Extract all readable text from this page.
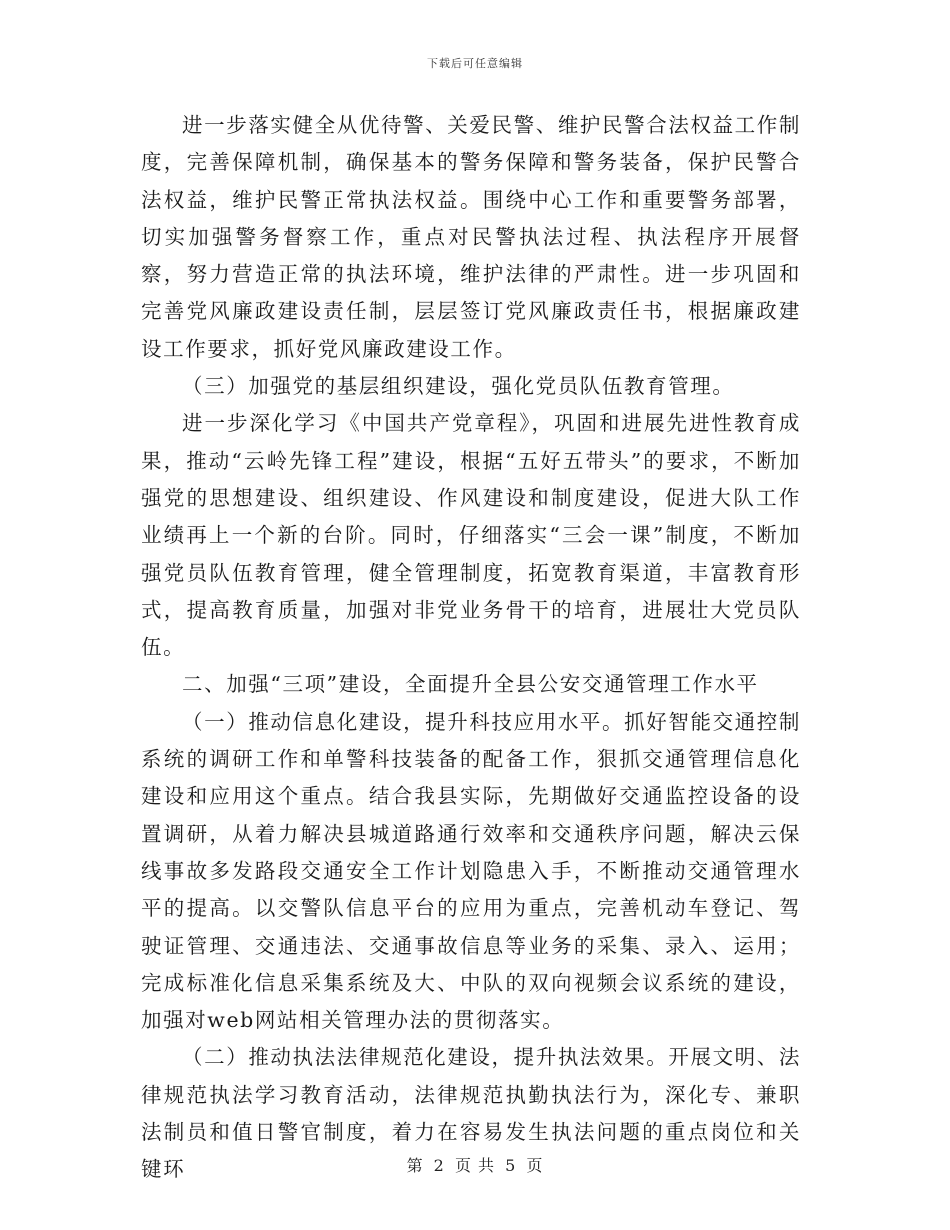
下载后可任意编辑

进一步落实健全从优待警、关爱民警、维护民警合法权益工作制度，完善保障机制，确保基本的警务保障和警务装备，保护民警合法权益，维护民警正常执法权益。围绕中心工作和重要警务部署，切实加强警务督察工作，重点对民警执法过程、执法程序开展督察，努力营造正常的执法环境，维护法律的严肃性。进一步巩固和完善党风廉政建设责任制，层层签订党风廉政责任书，根据廉政建设工作要求，抓好党风廉政建设工作。

（三）加强党的基层组织建设，强化党员队伍教育管理。

进一步深化学习《中国共产党章程》，巩固和进展先进性教育成果，推动“云岭先锋工程”建设，根据“五好五带头”的要求，不断加强党的思想建设、组织建设、作风建设和制度建设，促进大队工作业绩再上一个新的台阶。同时，仔细落实“三会一课”制度，不断加强党员队伍教育管理，健全管理制度，拓宽教育渠道，丰富教育形式，提高教育质量，加强对非党业务骨干的培育，进展壮大党员队伍。

二、加强“三项”建设，全面提升全县公安交通管理工作水平

（一）推动信息化建设，提升科技应用水平。抓好智能交通控制系统的调研工作和单警科技装备的配备工作，狠抓交通管理信息化建设和应用这个重点。结合我县实际，先期做好交通监控设备的设置调研，从着力解决县城道路通行效率和交通秩序问题，解决云保线事故多发路段交通安全工作计划隐患入手，不断推动交通管理水平的提高。以交警队信息平台的应用为重点，完善机动车登记、驾驶证管理、交通违法、交通事故信息等业务的采集、录入、运用；完成标准化信息采集系统及大、中队的双向视频会议系统的建设，加强对web网站相关管理办法的贯彻落实。

（二）推动执法法律规范化建设，提升执法效果。开展文明、法律规范执法学习教育活动，法律规范执勤执法行为，深化专、兼职法制员和值日警官制度，着力在容易发生执法问题的重点岗位和关键环	第 2 页 共 5 页
